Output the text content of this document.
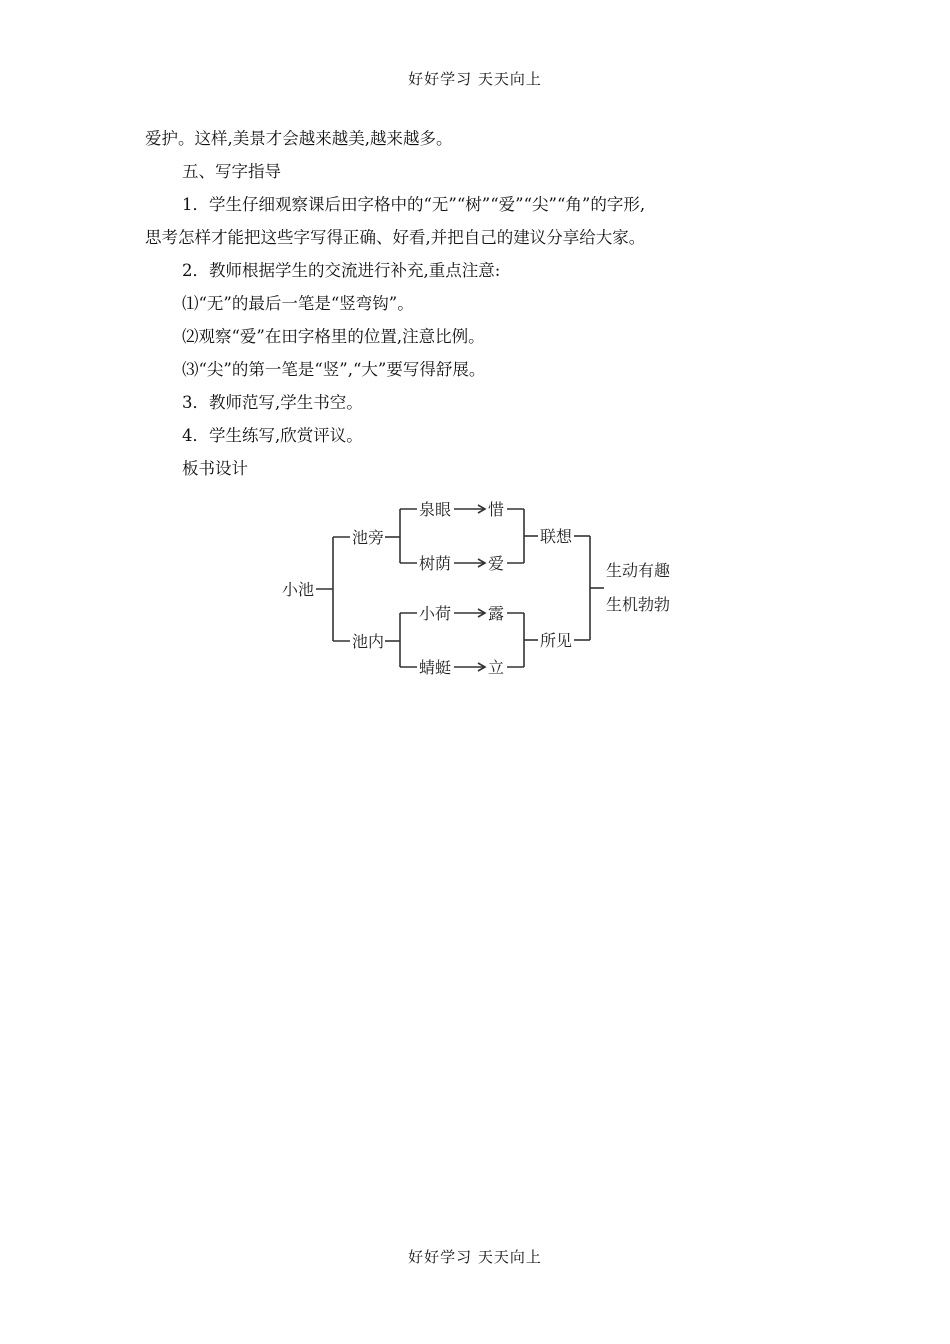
好好学习 天天向上

爱护。这样,美景才会越来越美,越来越多。

五、写字指导

1．学生仔细观察课后田字格中的“无”“树”“爱”“尖”“角”的字形,

思考怎样才能把这些字写得正确、好看,并把自己的建议分享给大家。

2．教师根据学生的交流进行补充,重点注意:

⑴“无”的最后一笔是“竖弯钩”。

⑵观察“爱”在田字格里的位置,注意比例。

⑶“尖”的第一笔是“竖”,“大”要写得舒展。

3．教师范写,学生书空。

4．学生练写,欣赏评议。

板书设计

小池
池旁
池内
泉眼
树荫
小荷
蜻蜓
惜
爱
露
立
联想
所见
生动有趣
生机勃勃
好好学习 天天向上
